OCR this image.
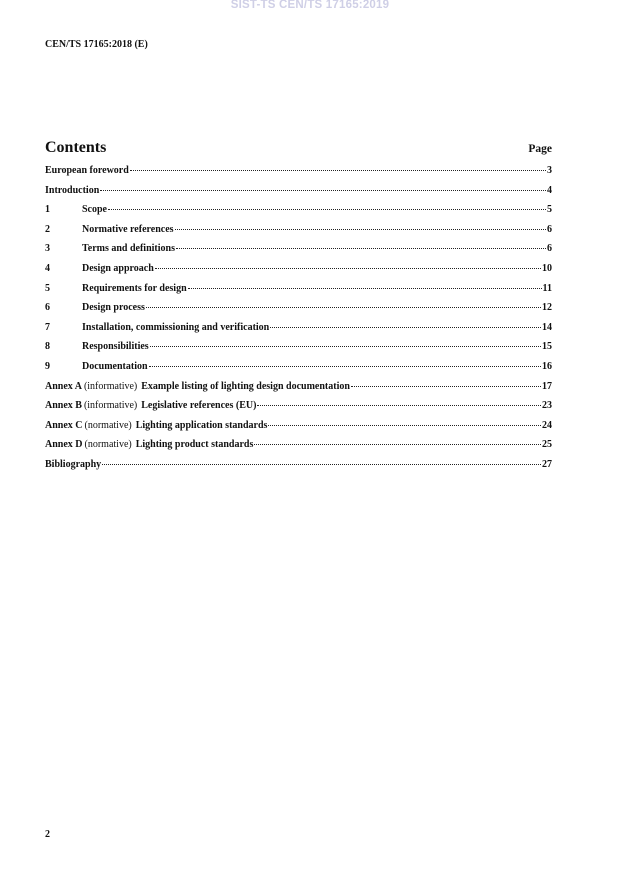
SIST-TS CEN/TS 17165:2019
CEN/TS 17165:2018 (E)
Contents	Page
European foreword	3
Introduction	4
1	Scope	5
2	Normative references	6
3	Terms and definitions	6
4	Design approach	10
5	Requirements for design	11
6	Design process	12
7	Installation, commissioning and verification	14
8	Responsibilities	15
9	Documentation	16
Annex A (informative) Example listing of lighting design documentation	17
Annex B (informative) Legislative references (EU)	23
Annex C (normative) Lighting application standards	24
Annex D (normative) Lighting product standards	25
Bibliography	27
2
